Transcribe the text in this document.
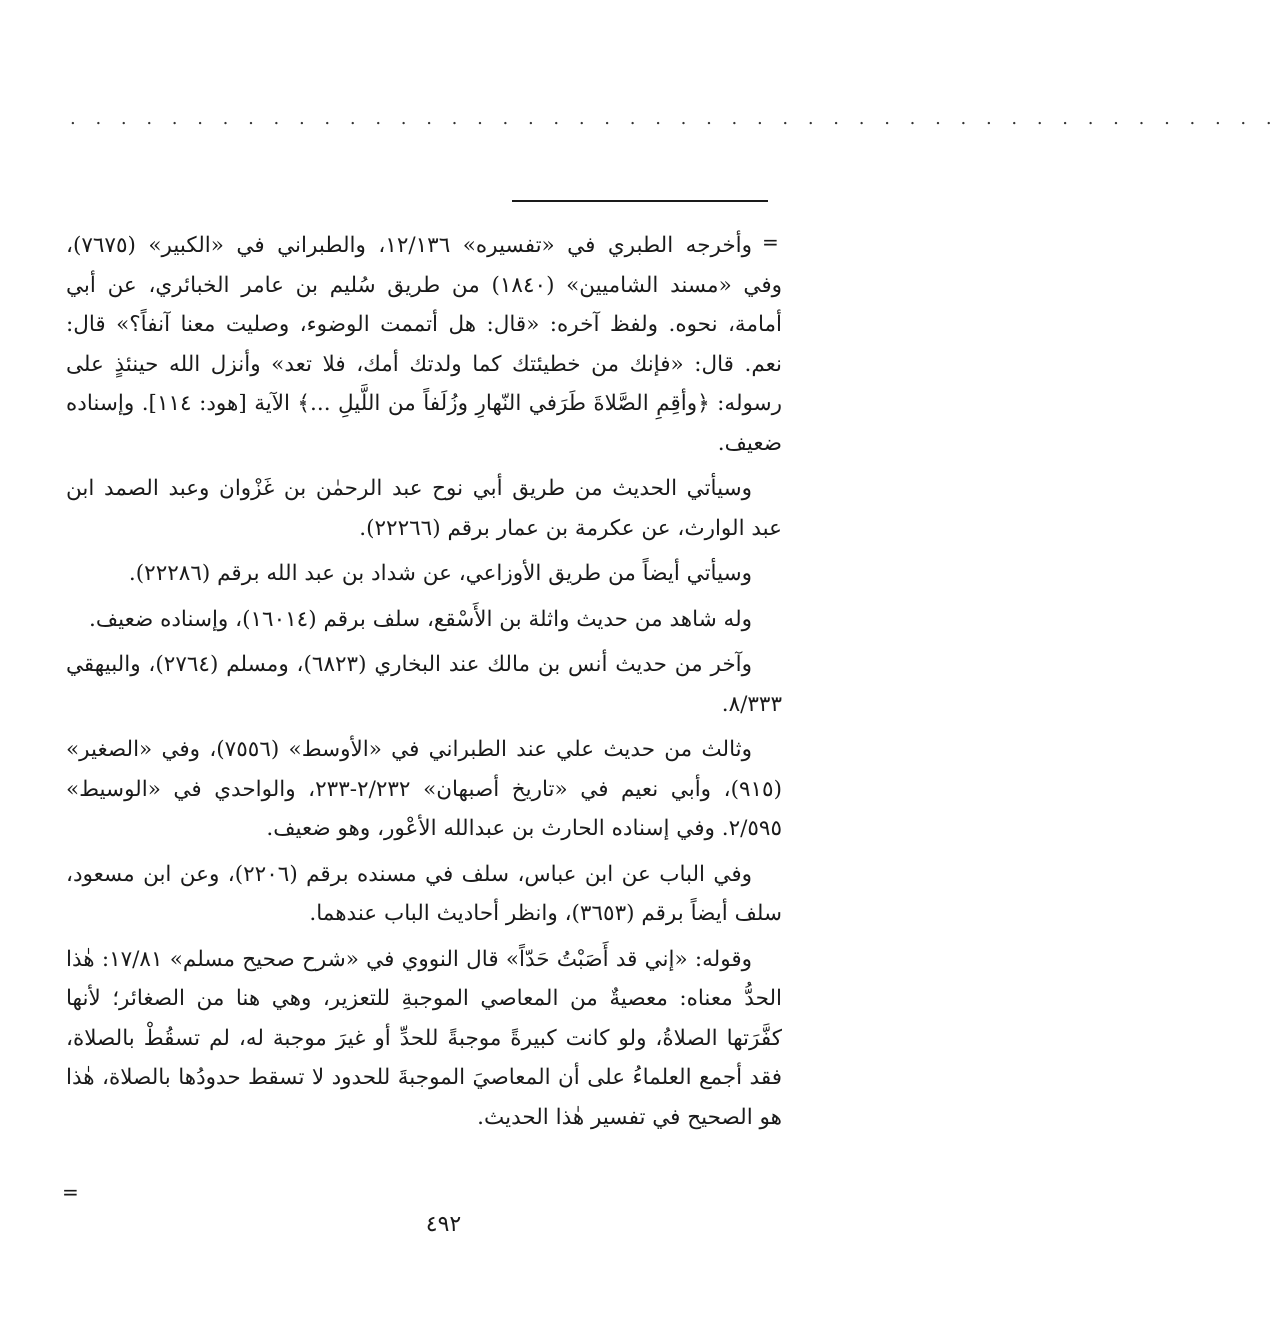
. . . . . . . . . . . . . . . . . . . . . . . . . . . . . . . . . . . . . . . . . . . . . . . .
=

وأخرجه الطبري في «تفسيره» ١٢/١٣٦، والطبراني في «الكبير» (٧٦٧٥)، وفي «مسند الشاميين» (١٨٤٠) من طريق سُليم بن عامر الخبائري، عن أبي أمامة، نحوه. ولفظ آخره: «قال: هل أتممت الوضوء، وصليت معنا آنفاً؟» قال: نعم. قال: «فإنك من خطيئتك كما ولدتك أمك، فلا تعد» وأنزل الله حينئذٍ على رسوله: ﴿وأقِمِ الصَّلاةَ طَرَفي النّهارِ وزُلَفاً من اللَّيلِ ...﴾ الآية [هود: ١١٤]. وإسناده ضعيف.

وسيأتي الحديث من طريق أبي نوح عبد الرحمٰن بن غَزْوان وعبد الصمد ابن عبد الوارث، عن عكرمة بن عمار برقم (٢٢٢٦٦).

وسيأتي أيضاً من طريق الأوزاعي، عن شداد بن عبد الله برقم (٢٢٢٨٦).

وله شاهد من حديث واثلة بن الأَسْقع، سلف برقم (١٦٠١٤)، وإسناده ضعيف.

وآخر من حديث أنس بن مالك عند البخاري (٦٨٢٣)، ومسلم (٢٧٦٤)، والبيهقي ٨/٣٣٣.

وثالث من حديث علي عند الطبراني في «الأوسط» (٧٥٥٦)، وفي «الصغير» (٩١٥)، وأبي نعيم في «تاريخ أصبهان» ٢/٢٣٢-٢٣٣، والواحدي في «الوسيط» ٢/٥٩٥. وفي إسناده الحارث بن عبدالله الأعْور، وهو ضعيف.

وفي الباب عن ابن عباس، سلف في مسنده برقم (٢٢٠٦)، وعن ابن مسعود، سلف أيضاً برقم (٣٦٥٣)، وانظر أحاديث الباب عندهما.

وقوله: «إني قد أَصَبْتُ حَدّاً» قال النووي في «شرح صحيح مسلم» ١٧/٨١: هٰذا الحدُّ معناه: معصيةٌ من المعاصي الموجبةِ للتعزير، وهي هنا من الصغائر؛ لأنها كفَّرَتها الصلاةُ، ولو كانت كبيرةً موجبةً للحدِّ أو غيرَ موجبة له، لم تسقُطْ بالصلاة، فقد أجمع العلماءُ على أن المعاصيَ الموجبةَ للحدود لا تسقط حدودُها بالصلاة، هٰذا هو الصحيح في تفسير هٰذا الحديث.

=
٤٩٢
